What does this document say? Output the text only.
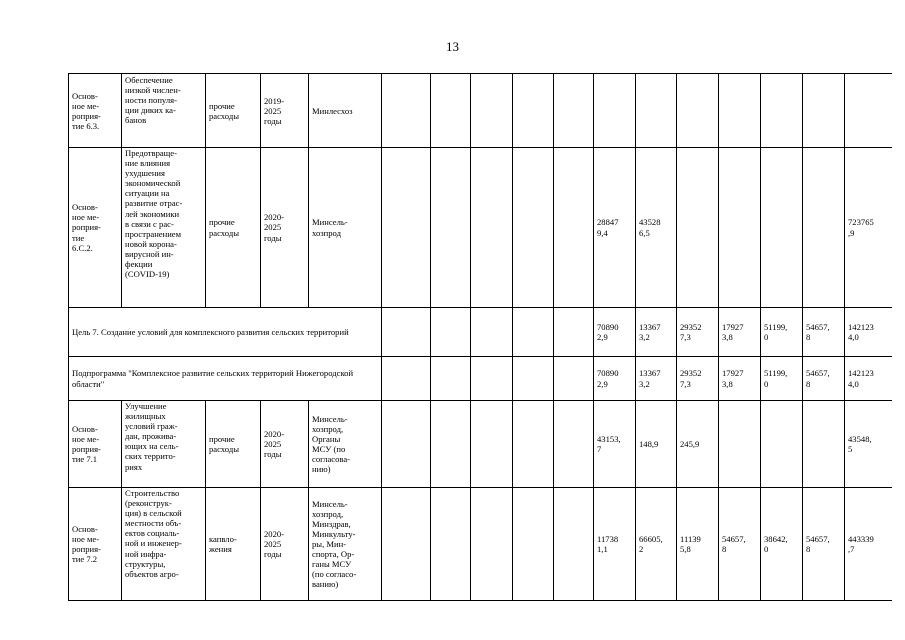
13
Основ-
ное ме-
роприя-
тие 6.3.
Обеспечение
низкой числен-
ности популя-
ции диких ка-
банов
прочие
расходы
2019-
2025
годы
Минлесхоз
Основ-
ное ме-
роприя-
тие
6.C.2.
Предотвраще-
ние влияния
ухудшения
экономической
ситуации на
развитие отрас-
лей экономики
в связи с рас-
пространением
новой корона-
вирусной ин-
фекции
(COVID-19)
прочие
расходы
2020-
2025
годы
Минсель-
хозпрод
28847
9,4
43528
6,5
723765
,9
Цель 7. Создание условий для комплексного развития сельских территорий
70890
2,9
13367
3,2
29352
7,3
17927
3,8
51199,
0
54657,
8
142123
4,0
Подпрограмма "Комплексное развитие сельских территорий Нижегородской области"
70890
2,9
13367
3,2
29352
7,3
17927
3,8
51199,
0
54657,
8
142123
4,0
Основ-
ное ме-
роприя-
тие 7.1
Улучшение
жилищных
условий граж-
дан, прожива-
ющих на сель-
ских террито-
риях
прочие
расходы
2020-
2025
годы
Минсель-
хозпрод,
Органы
МСУ (по
согласова-
нию)
43153,
7
148,9	245,9
43548,
5
Основ-
ное ме-
роприя-
тие 7.2
Строительство
(реконструк-
ция) в сельской
местности объ-
ектов социаль-
ной и инженер-
ной инфра-
структуры,
объектов агро-
капвло-
жения
2020-
2025
годы
Минсель-
хозпрод,
Минздрав,
Минкульту-
ры, Мин-
спорта, Ор-
ганы МСУ
(по согласо-
ванию)
11738
1,1
66605,
2
11139
5,8
54657,
8
38642,
0
54657,
8
443339
,7
